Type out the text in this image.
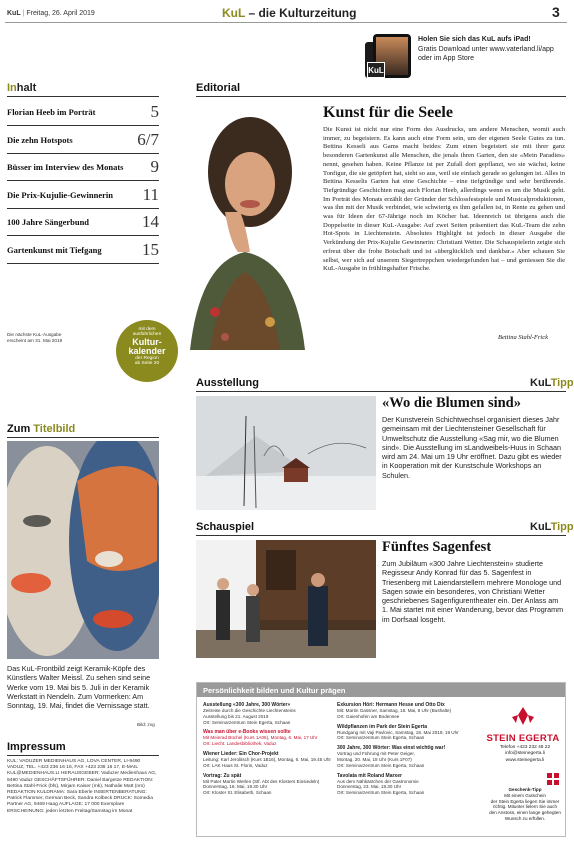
KuL | Freitag, 26. April 2019	KuL – die Kulturzeitung	3
KuL
Holen Sie sich das KuL aufs iPad!
Gratis Download unter www.vaterland.li/app
oder im App Store
Inhalt
Florian Heeb im Porträt	5
Die zehn Hotspots	6/7
Büsser im Interview des Monats 9
Die Prix-Kujulie-Gewinnerin 11
100 Jahre Sängerbund	14
Gartenkunst mit Tiefgang 15
Die nächste KuL-Ausgabe
erscheint am 31. Mai 2019
mit dem
ausführlichen
Kultur-
kalender
der Region
ab Seite 20
Zum Titelbild
Das KuL-Frontbild zeigt Keramik-Köpfe des Künstlers Walter Meissl. Zu sehen sind seine Werke vom 19. Mai bis 5. Juli in der Keramik Werkstatt in Nendeln. Zum Vormerken: Am Sonntag, 19. Mai, findet die Vernissage statt.
Bild: zvg
Impressum
KUL: VADUZER MEDIENHAUS AG, LOVA CENTER, LI-9490 VADUZ, TEL. +423 236 16 16, FAX +423 236 16 17, E-MAIL KUL@MEDIENHAUS.LI HERAUSGEBER: Vaduzer Medienhaus AG, 9490 Vaduz GESCHÄFTSFÜHRER: Daniel Bargetze REDAKTION: Bettina Stahl-Frick (bfs), Mirjam Kaiser (mk), Nathalie Matt (nm) REDAKTION KULDRAMA: Sara Eberle INSERTENBERATUNG: Patrick Flammer, German Beck, Sandra Kolbeck DRUCK: Somedia Partner AG, 9469 Haag AUFLAGE: 17 000 Exemplare ERSCHEINUNG: jeden letzten Freitag/Samstag im Monat
Editorial
Kunst für die Seele
Die Kunst ist nicht nur eine Form des Ausdrucks, um andere Menschen, womit auch immer, zu begeistern. Es kann auch eine Form sein, um der eigenen Seele Gutes zu tun. Bettina Kesseli aus Gams macht beides: Zum einen begeistert sie mit ihrer ganz besonderen Gartenkunst alle Menschen, die jenals ihren Garten, den sie «Mein Paradies» nennt, gesehen haben. Keine Pflanze ist per Zufall dort gepflanzt, wo sie wächst, keine Tonfigur, die sie getöpfert hat, sieht so aus, weil sie einfach gerade so gelungen ist. Alles in Bettina Kesselis Garten hat eine Geschichte – eine tiefgründige und sehr berührende. Tiefgründige Geschichten mag auch Florian Heeb, allerdings wenn es um die Musik geht. Im Porträt des Monats erzählt der Gründer der Schlossfestspiele und Musicalproduktionen, was ihn mit der Musik verbindet, wie schwierig es ihm gefallen ist, in Rente zu gehen und was für Ideen der 67-Jährige noch im Köcher hat. Ideenreich ist übrigens auch die Doppelseite in dieser KuL-Ausgabe: Auf zwei Seiten präsentiert das KuL-Team die zehn Hot-Spots in Liechtenstein. Absolutes Highlight ist jedoch in dieser Ausgabe die Verkündung der Prix-Kujulie Gewinnerin: Christiani Wetter. Die Schauspielerin zeigte sich erfreut über die frohe Botschaft und ist «überglücklich und dankbar.» Aber schauen Sie selbst, wer sich auf unserem Siegertreppchen wiedergefunden hat – und geniessen Sie die KuL-Ausgabe in frühlingshafter Frische.
Bettina Stahl-Frick
Ausstellung	KuLTipp
«Wo die Blumen sind»
Der Kunstverein Schichtwechsel organisiert dieses Jahr gemeinsam mit der Liechtensteiner Gesellschaft für Umweltschutz die Ausstellung «Sag mir, wo die Blumen sind». Die Ausstellung im sLandweibels-Huus in Schaan wird am 24. Mai um 19 Uhr eröffnet. Dazu gibt es wieder in Kooperation mit der Kunstschule Workshops an Schulen.
Schauspiel	KuLTipp
Fünftes Sagenfest
Zum Jubiläum «300 Jahre Liechtenstein» studierte Regisseur Andy Konrad für das 5. Sagenfest in Triesenberg mit Laiendarstellern mehrere Monologe und Sagen sowie ein besonderes, von Christiani Wetter geschriebenes Sagenfigurentheater ein. Der Anlass am 1. Mai startet mit einer Wanderung, bevor das Programm im Dorfsaal losgeht.
Persönlichkeit bilden und Kultur prägen
Ausstellung «300 Jahre, 300 Wörter»
Zeitreise durch die Geschichte Liechtensteins
Ausstellung bis 21. August 2019
Ort: Seminarzentrum Stein Egerta, Schaan
Was man über e-Books wissen sollte
Mit Meinrad Büchel (Kurs 1A05), Montag, 6. Mai, 17 Uhr
Ort: Liecht. Landesbibliothek, Vaduz
Wiener Lieder: Ein Chor-Projekt
Leitung: Karl Jerolitsch (Kurs 1B16), Montag, 6. Mai, 19.45 Uhr
Ort: LAK Haus St. Florin, Vaduz
Vortrag: Zu spät
Mit Pater Martin Werlen (Stf. Abt des Klosters Einsiedeln)
Donnerstag, 16. Mai, 19.30 Uhr
Ort: Kloster St. Elisabeth, Schaan
Exkursion Höri: Hermann Hesse und Otto Dix
Mit: Martin Gassner, Samstag, 18. Mai, 8 Uhr (Bushalte)
Ort: Gaienhofen am Bodensee
Wildpflanzen im Park der Stein Egerta
Rundgang mit Vaji Pavlovic, Samstag, 18. Mai 2019, 19 Uhr
Ort: Seminarzentrum Stein Egerta, Schaan
300 Jahre, 300 Wörter: Was einst wichtig war!
Vortrag und Führung mit Peter Geiger,
Montag, 20. Mai, 18 Uhr (Kurs 1F07)
Ort: Seminarzentrum Stein Egerta, Schaan
Tavolata mit Roland Marxer
Aus dem Nähkästchen der Gastronomie
Donnerstag, 23. Mai, 18.30 Uhr
Ort: Seminarzentrum Stein Egerta, Schaan
STEIN EGERTA
Telefon +423 232 48 22
info@steinegerta.li
www.steinegerta.li
Geschenk-Tipp
Mit einem Gutschein
der Stein Egerta liegen Sie immer
richtig. Mitunter lielern Sie auch
den Anstoss, einen lange gehegten
Wunsch zu erfüllen.
